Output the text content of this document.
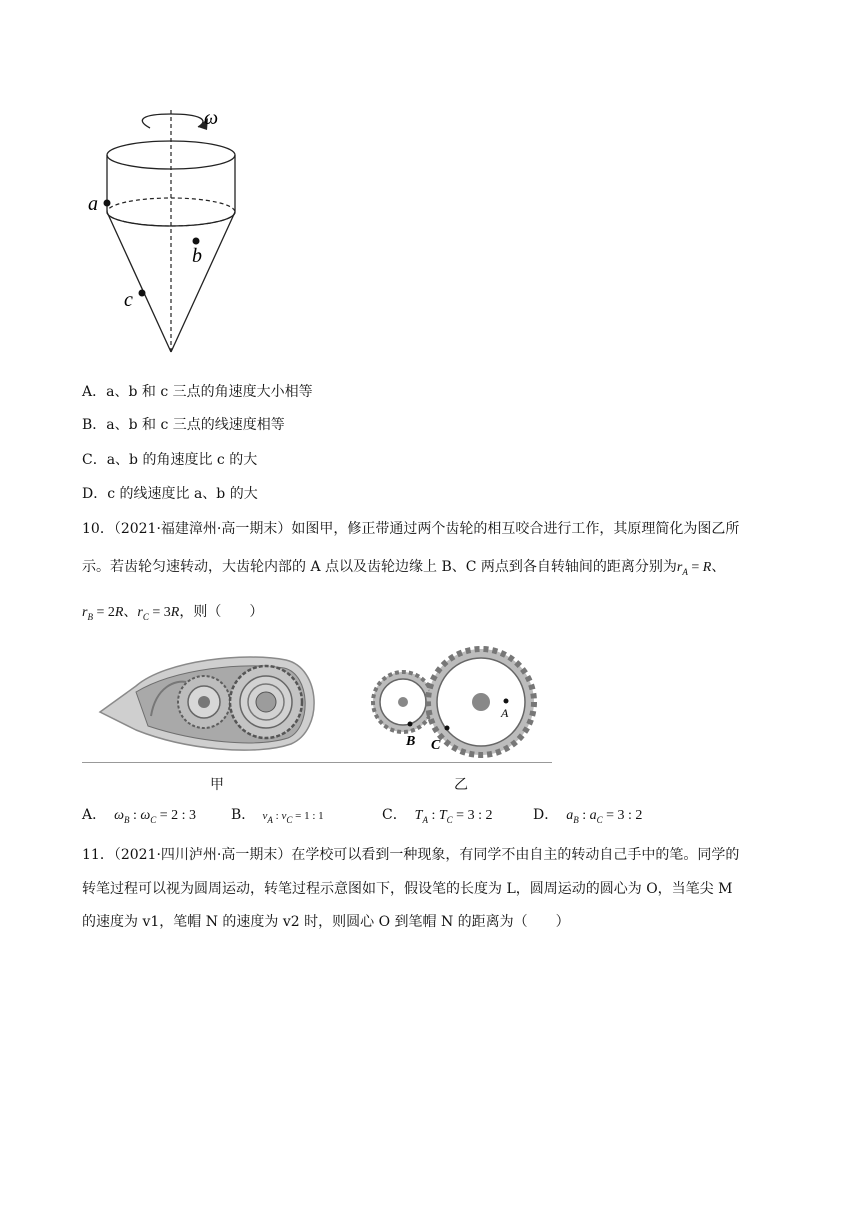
ω
a
b
c
A．a、b 和 c 三点的角速度大小相等
B．a、b 和 c 三点的线速度相等
C．a、b 的角速度比 c 的大
D．c 的线速度比 a、b 的大
10．（2021·福建漳州·高一期末）如图甲，修正带通过两个齿轮的相互咬合进行工作，其原理简化为图乙所
示。若齿轮匀速转动，大齿轮内部的 A 点以及齿轮边缘上 B、C 两点到各自转轴间的距离分别为$r_A = R$、
$r_B = 2R$、$r_C = 3R$，则（　　）
A
B C
甲	乙
A．  $\omega_B$ : $\omega_C = 2$ : 3 B．  $v_A$ : $v_C = 1$ : 1	C．  $T_A$ : $T_C = 3$ : 2	D．  $a_B$ : $a_C = 3$ : 2
11．（2021·四川泸州·高一期末）在学校可以看到一种现象，有同学不由自主的转动自己手中的笔。同学的
转笔过程可以视为圆周运动，转笔过程示意图如下，假设笔的长度为 L，圆周运动的圆心为 O，当笔尖 M
的速度为 v1，笔帽 N 的速度为 v2 时，则圆心 O 到笔帽 N 的距离为（　　）
